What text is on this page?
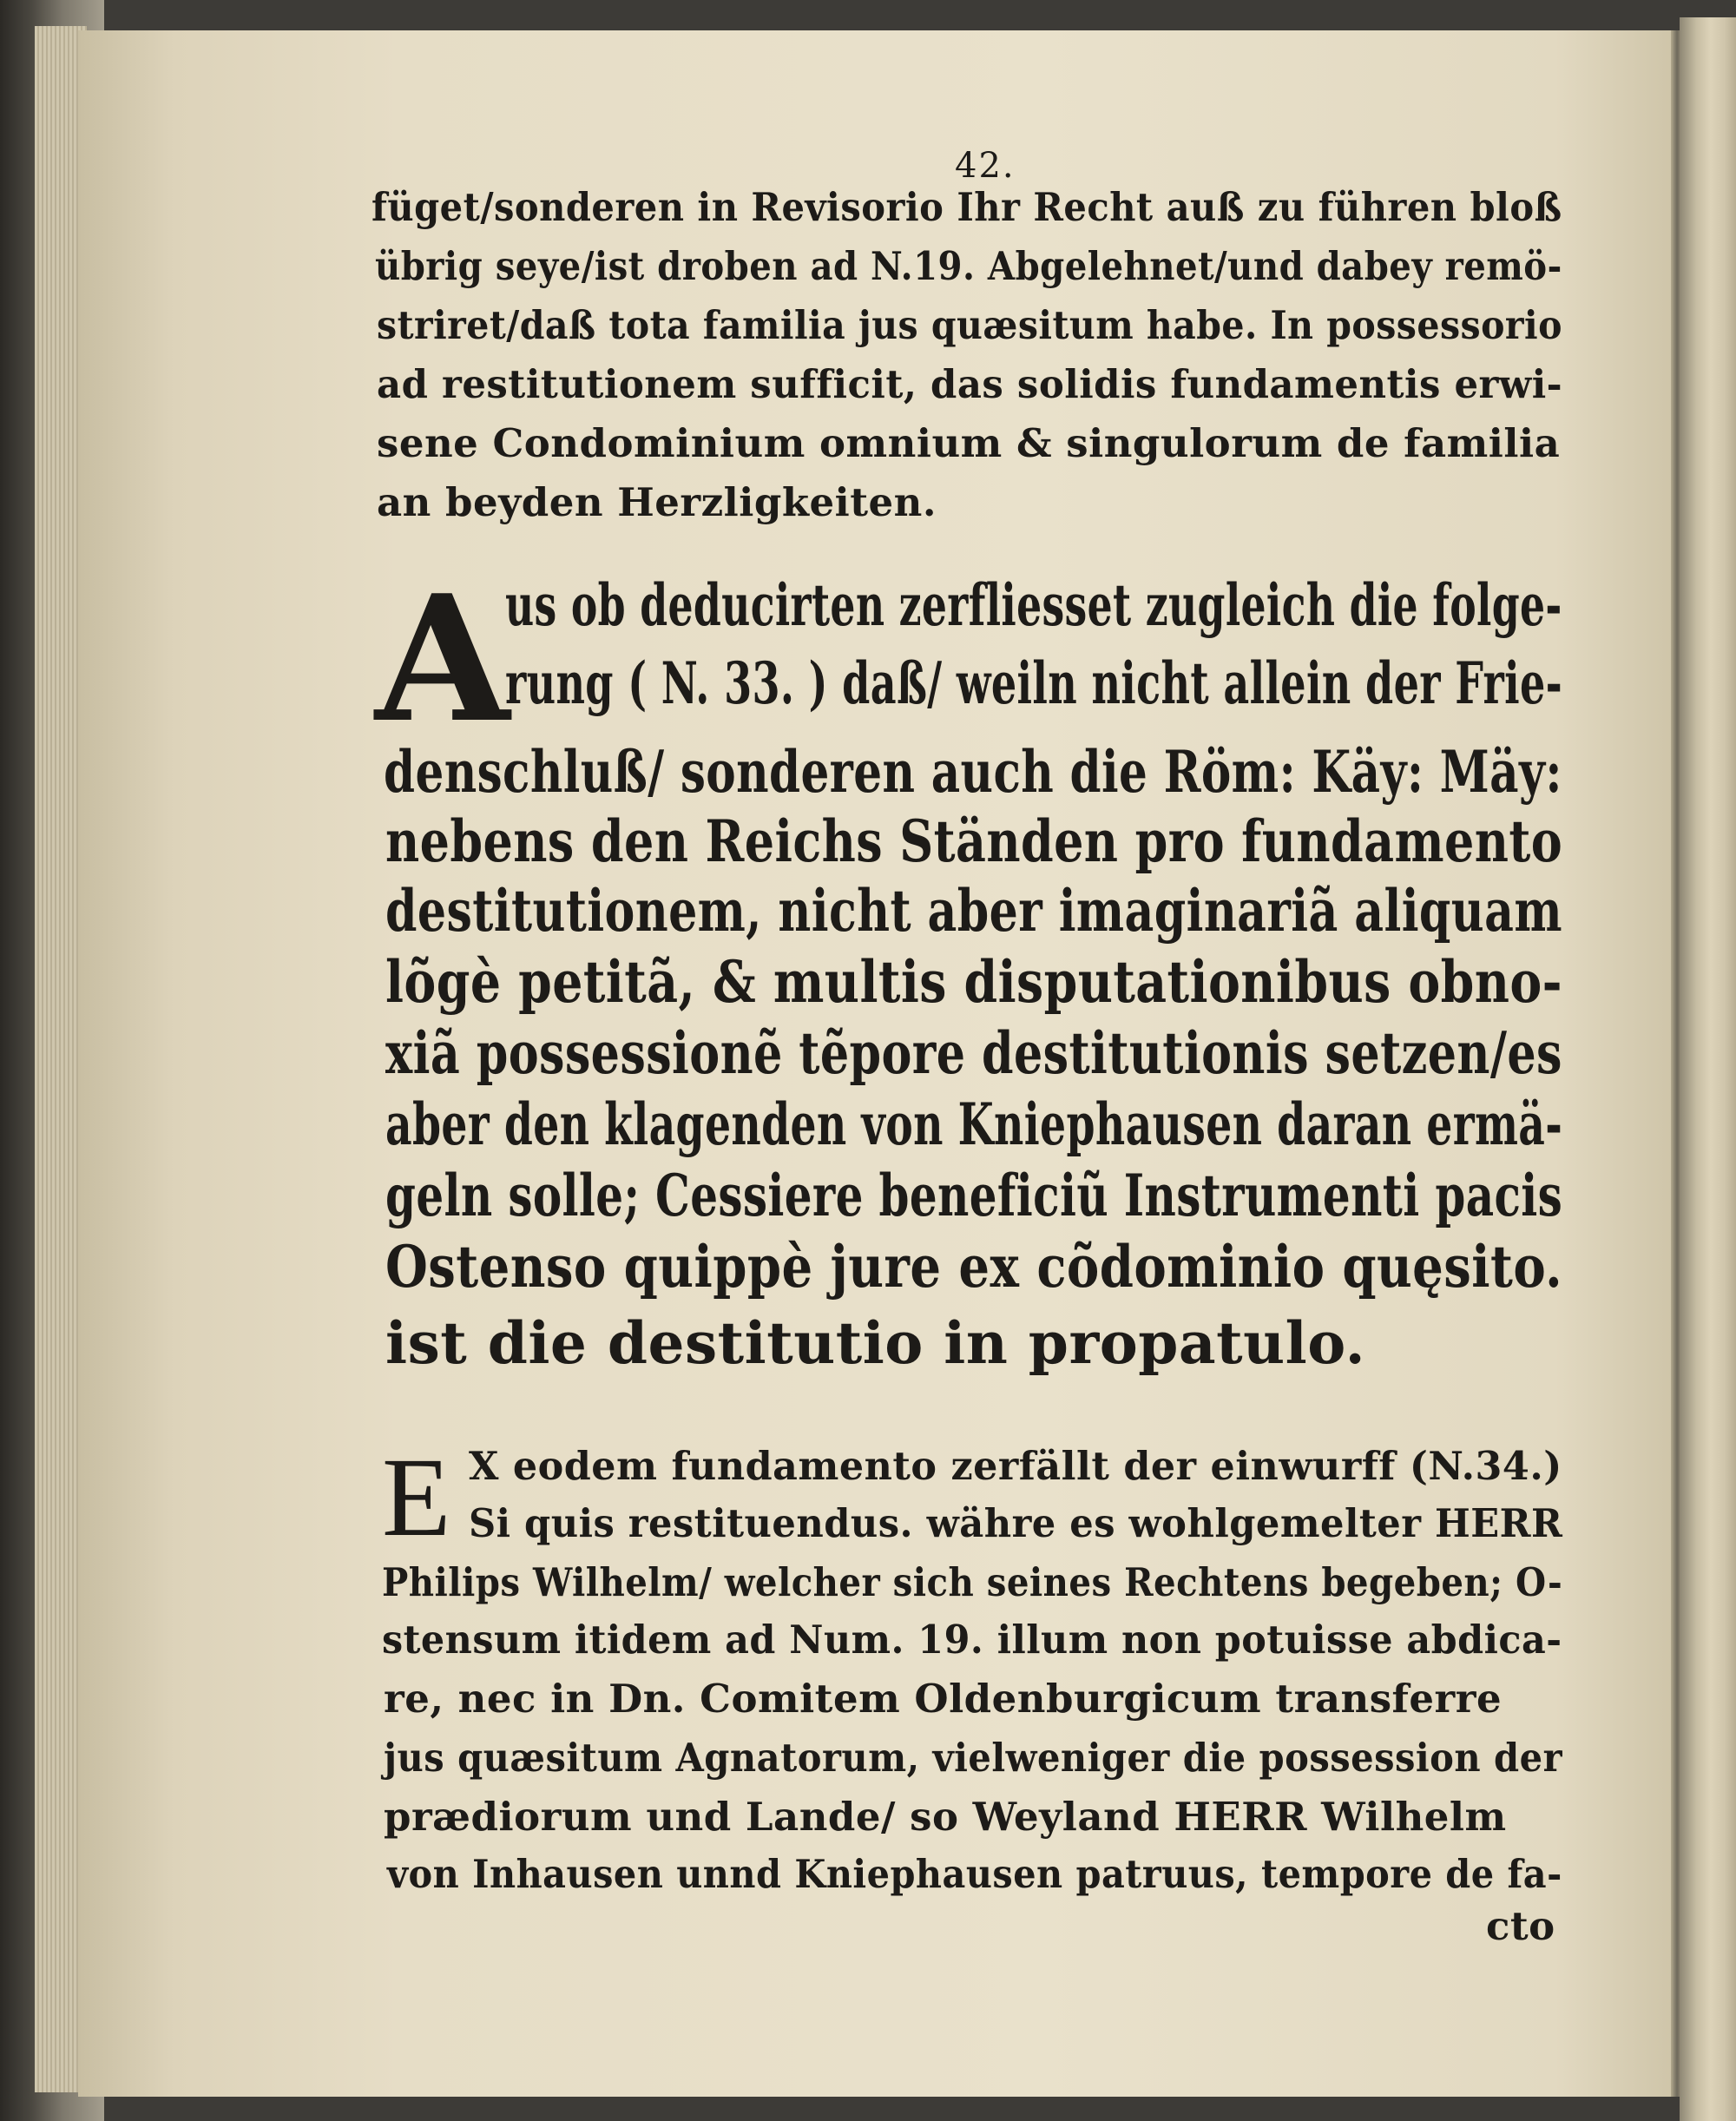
42.
füget/sonderen in Revisorio Ihr Recht auß zu führen bloß
übrig seye/ist droben ad N.19. Abgelehnet/und dabey remö-
striret/daß tota familia jus quæsitum habe. In possessorio
ad restitutionem sufficit, das solidis fundamentis erwi-
sene Condominium omnium & singulorum de familia
an beyden Herzligkeiten.
A
us ob deducirten zerfliesset zugleich die folge-
rung ( N. 33. ) daß/ weiln nicht allein der Frie-
denschluß/ sonderen auch die Röm: Käy: Mäy:
nebens den Reichs Ständen pro fundamento
destitutionem, nicht aber imaginariã aliquam
lõgè petitã, & multis disputationibus obno-
xiã possessionẽ tẽpore destitutionis setzen/es
aber den klagenden von Kniephausen daran ermä-
geln solle; Cessiere beneficiũ Instrumenti pacis
Ostenso quippè jure ex cõdominio quęsito.
ist die destitutio in propatulo.
E X eodem fundamento zerfällt der einwurff (N.34.)
Si quis restituendus. währe es wohlgemelter HERR
Philips Wilhelm/ welcher sich seines Rechtens begeben; O-
stensum itidem ad Num. 19. illum non potuisse abdica-
re, nec in Dn. Comitem Oldenburgicum transferre
jus quæsitum Agnatorum, vielweniger die possession der
prædiorum und Lande/ so Weyland HERR Wilhelm
von Inhausen unnd Kniephausen patruus, tempore de fa-
cto
